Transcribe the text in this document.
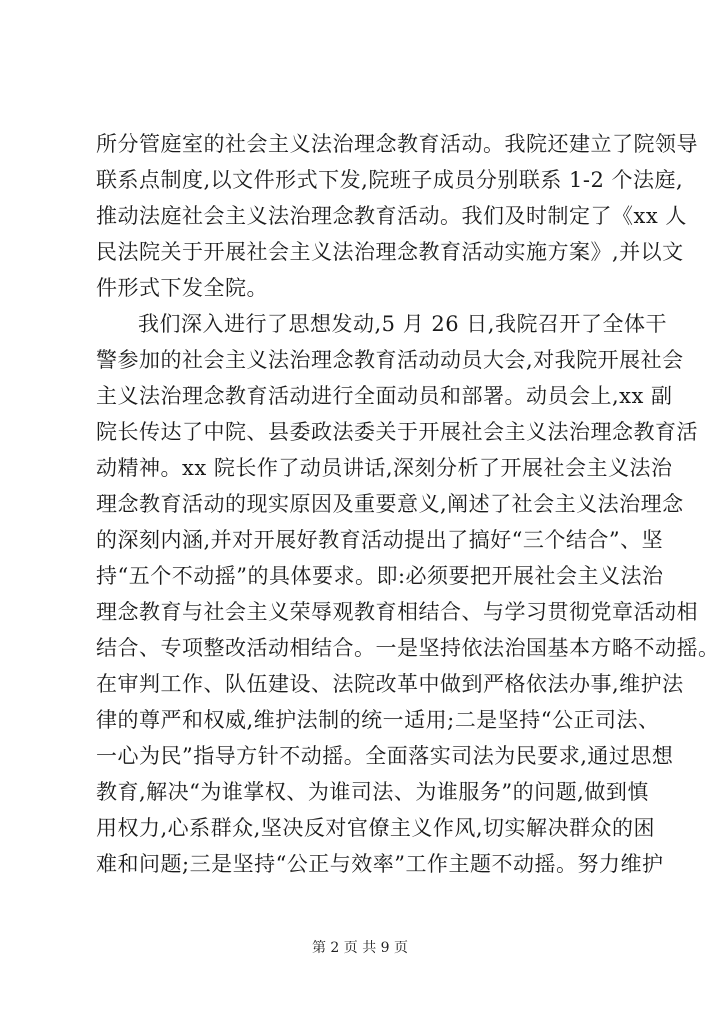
所分管庭室的社会主义法治理念教育活动。我院还建立了院领导
联系点制度,以文件形式下发,院班子成员分别联系 1-2 个法庭,
推动法庭社会主义法治理念教育活动。我们及时制定了《xx 人
民法院关于开展社会主义法治理念教育活动实施方案》,并以文
件形式下发全院。
我们深入进行了思想发动,5 月 26 日,我院召开了全体干
警参加的社会主义法治理念教育活动动员大会,对我院开展社会
主义法治理念教育活动进行全面动员和部署。动员会上,xx 副
院长传达了中院、县委政法委关于开展社会主义法治理念教育活
动精神。xx 院长作了动员讲话,深刻分析了开展社会主义法治
理念教育活动的现实原因及重要意义,阐述了社会主义法治理念
的深刻内涵,并对开展好教育活动提出了搞好“三个结合”、坚
持“五个不动摇”的具体要求。即:必须要把开展社会主义法治
理念教育与社会主义荣辱观教育相结合、与学习贯彻党章活动相
结合、专项整改活动相结合。一是坚持依法治国基本方略不动摇。
在审判工作、队伍建设、法院改革中做到严格依法办事,维护法
律的尊严和权威,维护法制的统一适用;二是坚持“公正司法、
一心为民”指导方针不动摇。全面落实司法为民要求,通过思想
教育,解决“为谁掌权、为谁司法、为谁服务”的问题,做到慎
用权力,心系群众,坚决反对官僚主义作风,切实解决群众的困
难和问题;三是坚持“公正与效率”工作主题不动摇。努力维护
第 2 页 共 9 页
